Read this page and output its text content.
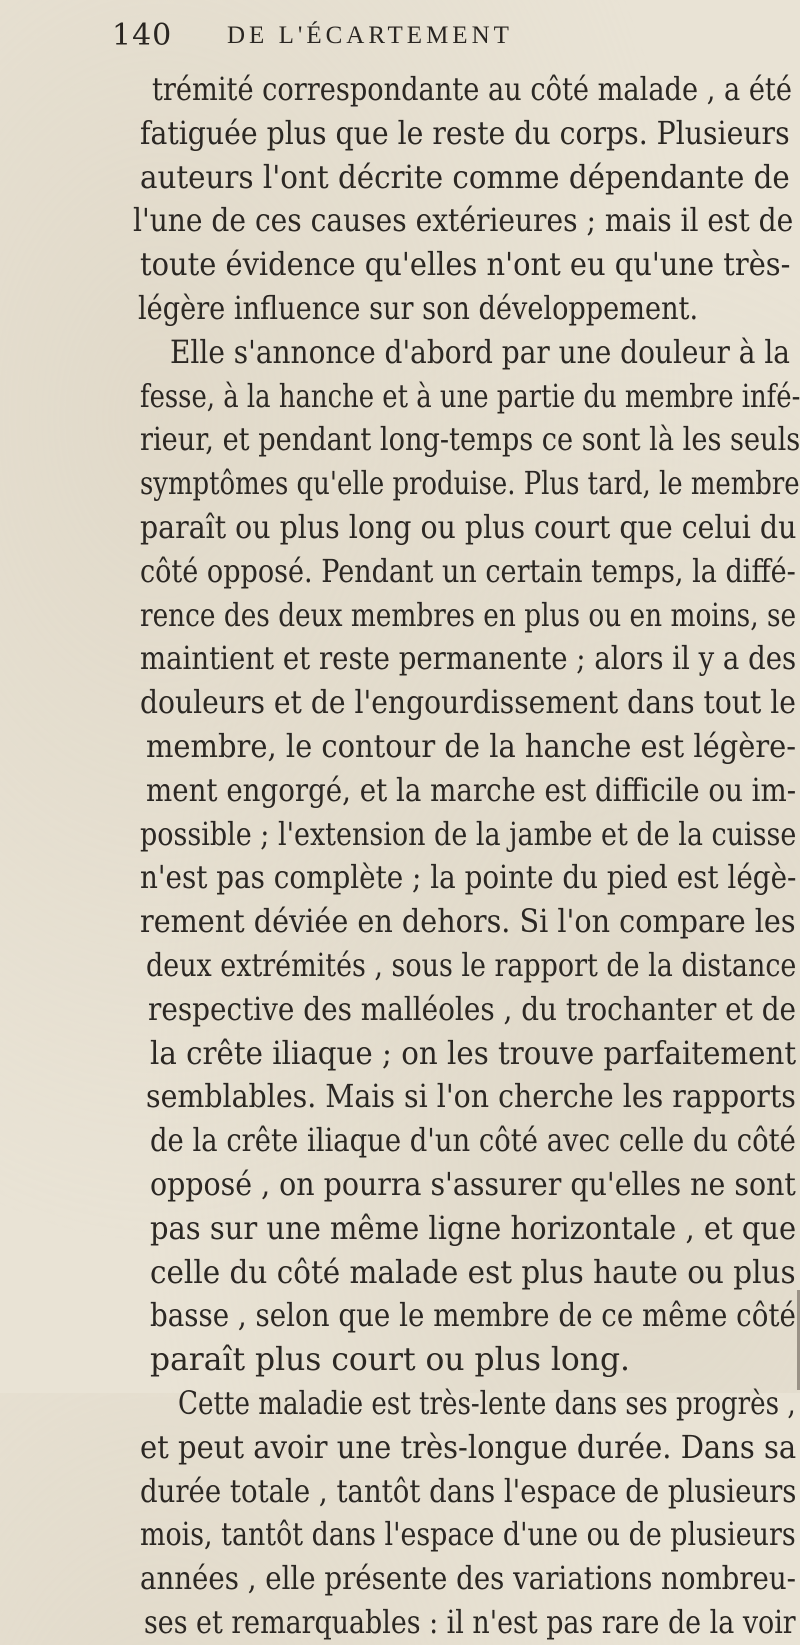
140 DE L'ÉCARTEMENT
trémité correspondante au côté malade , a été
fatiguée plus que le reste du corps. Plusieurs
auteurs l'ont décrite comme dépendante de
l'une de ces causes extérieures ; mais il est de
toute évidence qu'elles n'ont eu qu'une très-
légère influence sur son développement.
Elle s'annonce d'abord par une douleur à la
fesse, à la hanche et à une partie du membre infé-
rieur, et pendant long-temps ce sont là les seuls
symptômes qu'elle produise. Plus tard, le membre
paraît ou plus long ou plus court que celui du
côté opposé. Pendant un certain temps, la diffé-
rence des deux membres en plus ou en moins, se
maintient et reste permanente ; alors il y a des
douleurs et de l'engourdissement dans tout le
membre, le contour de la hanche est légère-
ment engorgé, et la marche est difficile ou im-
possible ; l'extension de la jambe et de la cuisse
n'est pas complète ; la pointe du pied est légè-
rement déviée en dehors. Si l'on compare les
deux extrémités , sous le rapport de la distance
respective des malléoles , du trochanter et de
la crête iliaque ; on les trouve parfaitement
semblables. Mais si l'on cherche les rapports
de la crête iliaque d'un côté avec celle du côté
opposé , on pourra s'assurer qu'elles ne sont
pas sur une même ligne horizontale , et que
celle du côté malade est plus haute ou plus
basse , selon que le membre de ce même côté
paraît plus court ou plus long.
Cette maladie est très-lente dans ses progrès ,
et peut avoir une très-longue durée. Dans sa
durée totale , tantôt dans l'espace de plusieurs
mois, tantôt dans l'espace d'une ou de plusieurs
années , elle présente des variations nombreu-
ses et remarquables : il n'est pas rare de la voir
